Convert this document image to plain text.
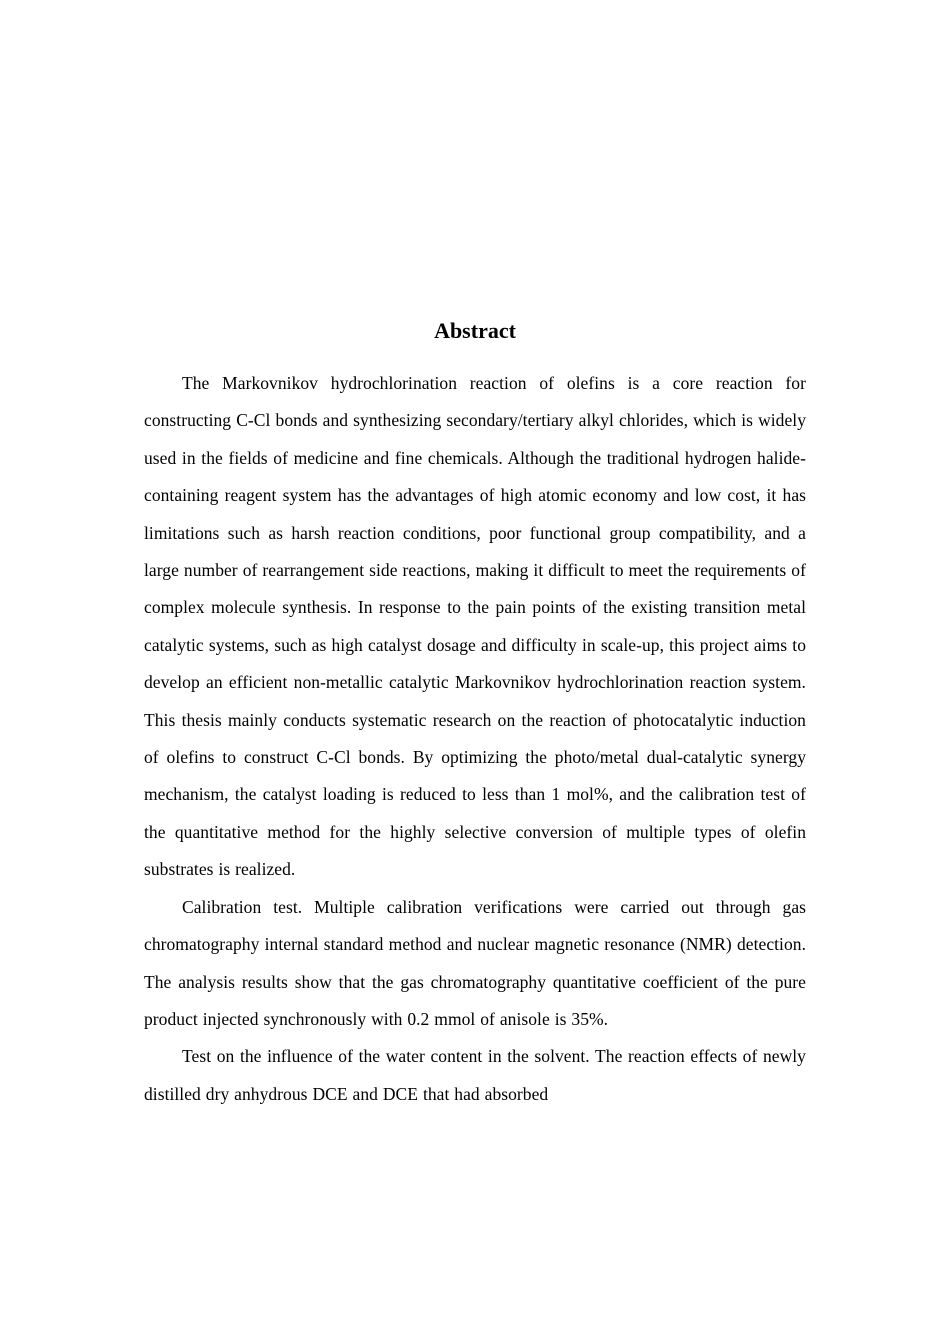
Abstract

The Markovnikov hydrochlorination reaction of olefins is a core reaction for constructing C-Cl bonds and synthesizing secondary/tertiary alkyl chlorides, which is widely used in the fields of medicine and fine chemicals. Although the traditional hydrogen halide-containing reagent system has the advantages of high atomic economy and low cost, it has limitations such as harsh reaction conditions, poor functional group compatibility, and a large number of rearrangement side reactions, making it difficult to meet the requirements of complex molecule synthesis. In response to the pain points of the existing transition metal catalytic systems, such as high catalyst dosage and difficulty in scale-up, this project aims to develop an efficient non-metallic catalytic Markovnikov hydrochlorination reaction system. This thesis mainly conducts systematic research on the reaction of photocatalytic induction of olefins to construct C-Cl bonds. By optimizing the photo/metal dual-catalytic synergy mechanism, the catalyst loading is reduced to less than 1 mol%, and the calibration test of the quantitative method for the highly selective conversion of multiple types of olefin substrates is realized.

Calibration test. Multiple calibration verifications were carried out through gas chromatography internal standard method and nuclear magnetic resonance (NMR) detection. The analysis results show that the gas chromatography quantitative coefficient of the pure product injected synchronously with 0.2 mmol of anisole is 35%.

Test on the influence of the water content in the solvent. The reaction effects of newly distilled dry anhydrous DCE and DCE that had absorbed
